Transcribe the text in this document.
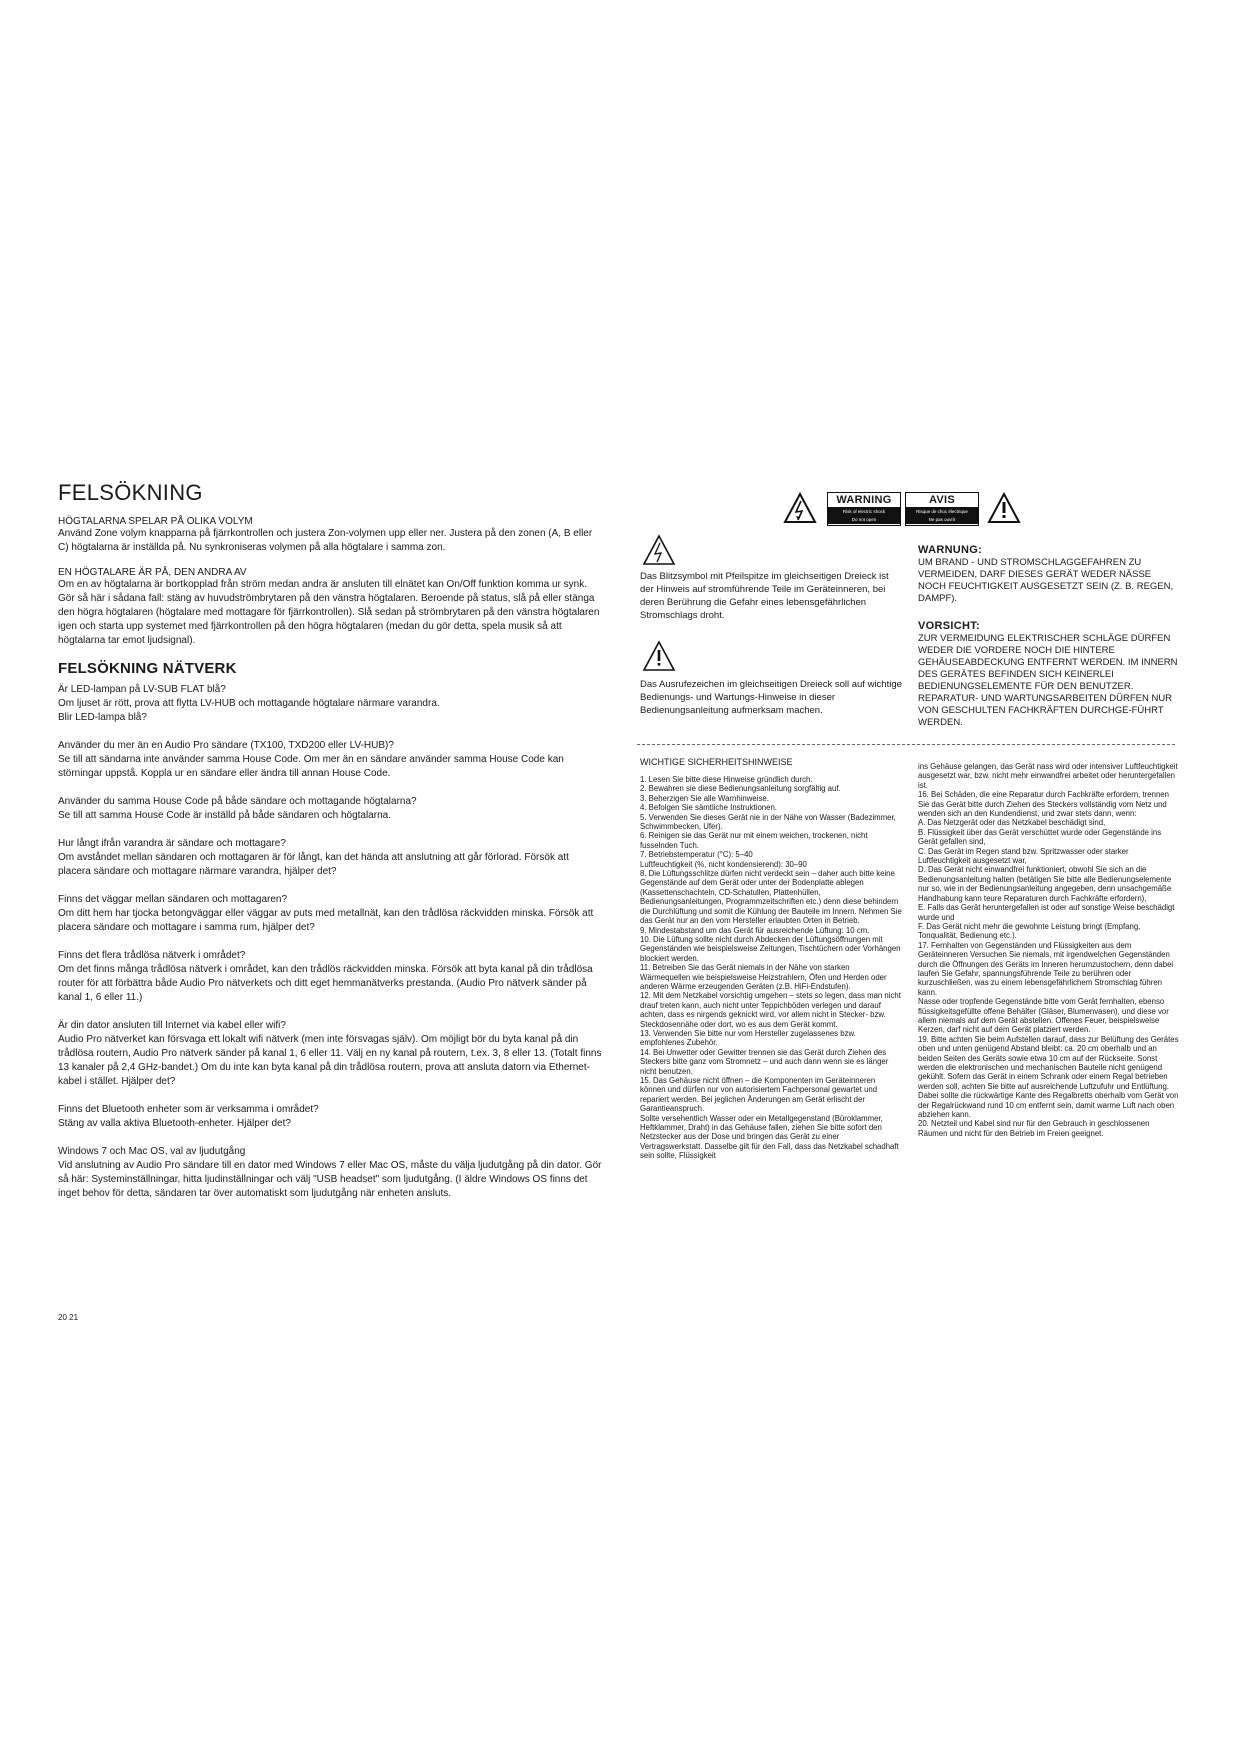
FELSÖKNING

HÖGTALARNA SPELAR PÅ OLIKA VOLYM

Använd Zone volym knapparna på fjärrkontrollen och justera Zon-volymen upp eller ner. Justera på den zonen (A, B eller C) högtalarna är inställda på. Nu synkroniseras volymen på alla högtalare i samma zon.

EN HÖGTALARE ÄR PÅ, DEN ANDRA AV

Om en av högtalarna är bortkopplad från ström medan andra är ansluten till elnätet kan On/Off funktion komma ur synk. Gör så här i sådana fall: stäng av huvudströmbrytaren på den vänstra högtalaren. Beroende på status, slå på eller stänga den högra högtalaren (högtalare med mottagare för fjärrkontrollen). Slå sedan på strömbrytaren på den vänstra högtalaren igen och starta upp systemet med fjärrkontrollen på den högra högtalaren (medan du gör detta, spela musik så att högtalarna tar emot ljudsignal).

FELSÖKNING NÄTVERK

Är LED-lampan på LV-SUB FLAT blå?

Om ljuset är rött, prova att flytta LV-HUB och mottagande högtalare närmare varandra.
Blir LED-lampa blå?

Använder du mer än en Audio Pro sändare (TX100, TXD200 eller LV-HUB)?

Se till att sändarna inte använder samma House Code. Om mer än en sändare använder samma House Code kan störningar uppstå. Koppla ur en sändare eller ändra till annan House Code.

Använder du samma House Code på både sändare och mottagande högtalarna?

Se till att samma House Code är inställd på både sändaren och högtalarna.

Hur långt ifrån varandra är sändare och mottagare?

Om avståndet mellan sändaren och mottagaren är för långt, kan det hända att anslutning att går förlorad. Försök att placera sändare och mottagare närmare varandra, hjälper det?

Finns det väggar mellan sändaren och mottagaren?

Om ditt hem har tjocka betongväggar eller väggar av puts med metallnät, kan den trådlösa räckvidden minska. Försök att placera sändare och mottagare i samma rum, hjälper det?

Finns det flera trådlösa nätverk i området?

Om det finns många trådlösa nätverk i området, kan den trådlös räckvidden minska. Försök att byta kanal på din trådlösa router för att förbättra både Audio Pro nätverkets och ditt eget hemmanätverks prestanda. (Audio Pro nätverk sänder på kanal 1, 6 eller 11.)

Är din dator ansluten till Internet via kabel eller wifi?

Audio Pro nätverket kan försvaga ett lokalt wifi nätverk (men inte försvagas själv). Om möjligt bör du byta kanal på din trådlösa routern, Audio Pro nätverk sänder på kanal 1, 6 eller 11. Välj en ny kanal på routern, t.ex. 3, 8 eller 13. (Totalt finns 13 kanaler på 2,4 GHz-bandet.) Om du inte kan byta kanal på din trådlösa routern, prova att ansluta datorn via Ethernet-kabel i stället. Hjälper det?

Finns det Bluetooth enheter som är verksamma i området?

Stäng av valla aktiva Bluetooth-enheter. Hjälper det?

Windows 7 och Mac OS, val av ljudutgång

Vid anslutning av Audio Pro sändare till en dator med Windows 7 eller Mac OS, måste du välja ljudutgång på din dator. Gör så här: Systeminställningar, hitta ljudinställningar och välj "USB headset" som ljudutgång. (I äldre Windows OS finns det inget behov för detta, sändaren tar över automatiskt som ljudutgång när enheten ansluts.

20 21
WARNING
Risk of electric shock
Do not open
AVIS
Risque de choc électrique
Ne pas ouvrir
Das Blitzsymbol mit Pfeilspitze im gleichseitigen Dreieck ist der Hinweis auf stromführende Teile im Geräteinneren, bei deren Berührung die Gefahr eines lebensgefährlichen Stromschlags droht.
Das Ausrufezeichen im gleichseitigen Dreieck soll auf wichtige Bedienungs- und Wartungs-Hinweise in dieser Bedienungsanleitung aufmerksam machen.
WARNUNG:
UM BRAND - UND STROMSCHLAGGEFAHREN ZU VERMEIDEN, DARF DIESES GERÄT WEDER NÄSSE NOCH FEUCHTIGKEIT AUSGESETZT SEIN (Z. B. REGEN, DAMPF).
VORSICHT:
ZUR VERMEIDUNG ELEKTRISCHER SCHLÄGE DÜRFEN WEDER DIE VORDERE NOCH DIE HINTERE GEHÄUSEABDECKUNG ENTFERNT WERDEN. IM INNERN DES GERÄTES BEFINDEN SICH KEINERLEI BEDIENUNGSELEMENTE FÜR DEN BENUTZER. REPARATUR- UND WARTUNGSARBEITEN DÜRFEN NUR VON GESCHULTEN FACHKRÄFTEN DURCHGE-FÜHRT WERDEN.
WICHTIGE SICHERHEITSHINWEISE

1. Lesen Sie bitte diese Hinweise gründlich durch.

2. Bewahren sie diese Bedienungsanleitung sorgfältig auf.

3. Beherzigen Sie alle Warnhinweise.

4. Befolgen Sie sämtliche Instruktionen.

5. Verwenden Sie dieses Gerät nie in der Nähe von Wasser (Badezimmer, Schwimmbecken, Ufer).

6. Reinigen sie das Gerät nur mit einem weichen, trockenen, nicht fusselnden Tuch.

7. Betriebstemperatur (°C): 5–40

Luftfeuchtigkeit (%, nicht kondensierend): 30–90

8. Die Lüftungsschlitze dürfen nicht verdeckt sein – daher auch bitte keine Gegenstände auf dem Gerät oder unter der Bodenplatte ablegen (Kassettenschachteln, CD-Schatullen, Plattenhüllen, Bedienungsanleitungen, Programmzeitschriften etc.) denn diese behindern die Durchlüftung und somit die Kühlung der Bauteile im Innern. Nehmen Sie das Gerät nur an den vom Hersteller erlaubten Orten in Betrieb.

9. Mindestabstand um das Gerät für ausreichende Lüftung: 10 cm.

10. Die Lüftung sollte nicht durch Abdecken der Lüftungsöffnungen mit Gegenständen wie beispielsweise Zeitungen, Tischtüchern oder Vorhängen blockiert werden.

11. Betreiben Sie das Gerät niemals in der Nähe von starken Wärmequellen wie beispielsweise Heizstrahlern, Öfen und Herden oder anderen Wärme erzeugenden Geräten (z.B. HiFi-Endstufen).

12. Mit dem Netzkabel vorsichtig umgehen – stets so legen, dass man nicht drauf treten kann, auch nicht unter Teppichböden verlegen und darauf achten, dass es nirgends geknickt wird, vor allem nicht in Stecker- bzw. Steckdosennähe oder dort, wo es aus dem Gerät kommt.

13. Verwenden Sie bitte nur vom Hersteller zugelassenes bzw. empfohlenes Zubehör.

14. Bei Unwetter oder Gewitter trennen sie das Gerät durch Ziehen des Steckers bitte ganz vom Stromnetz – und auch dann wenn sie es länger nicht benutzen.

15. Das Gehäuse nicht öffnen – die Komponenten im Geräteinneren können und dürfen nur von autorisiertem Fachpersonal gewartet und repariert werden. Bei jeglichen Änderungen am Gerät erlischt der Garantieanspruch.

Sollte versehentlich Wasser oder ein Metallgegenstand (Büroklammer, Heftklammer, Draht) in das Gehäuse fallen, ziehen Sie bitte sofort den Netzstecker aus der Dose und bringen das Gerät zu einer Vertragswerkstatt. Dasselbe gilt für den Fall, dass das Netzkabel schadhaft sein sollte, Flüssigkeit

ins Gehäuse gelangen, das Gerät nass wird oder intensiver Luftfeuchtigkeit ausgesetzt war, bzw. nicht mehr einwandfrei arbeitet oder heruntergefallen ist.

16. Bei Schäden, die eine Reparatur durch Fachkräfte erfordern, trennen Sie das Gerät bitte durch Ziehen des Steckers vollständig vom Netz und wenden sich an den Kundendienst, und zwar stets dann, wenn:

A. Das Netzgerät oder das Netzkabel beschädigt sind,

B. Flüssigkeit über das Gerät verschüttet wurde oder Gegenstände ins Gerät gefallen sind,

C. Das Gerät im Regen stand bzw. Spritzwasser oder starker Luftfeuchtigkeit ausgesetzt war,

D. Das Gerät nicht einwandfrei funktioniert, obwohl Sie sich an die Bedienungsanleitung halten (betätigen Sie bitte alle Bedienungselemente nur so, wie in der Bedienungsanleitung angegeben, denn unsachgemäße Handhabung kann teure Reparaturen durch Fachkräfte erfordern),

E. Falls das Gerät heruntergefallen ist oder auf sonstige Weise beschädigt wurde und

F. Das Gerät nicht mehr die gewohnte Leistung bringt (Empfang, Tonqualität, Bedienung etc.).

17. Fernhalten von Gegenständen und Flüssigkeiten aus dem Geräteinneren Versuchen Sie niemals, mit irgendwelchen Gegenständen durch die Öffnungen des Geräts im Inneren herumzustochern, denn dabei laufen Sie Gefahr, spannungsführende Teile zu berühren oder kurzuschließen, was zu einem lebensgefährlichem Stromschlag führen kann.

Nasse oder tropfende Gegenstände bitte vom Gerät fernhalten, ebenso flüssigkeitsgefüllte offene Behälter (Gläser, Blumenvasen), und diese vor allem niemals auf dem Gerät abstellen. Offenes Feuer, beispielsweise Kerzen, darf nicht auf dem Gerät platziert werden.

19. Bitte achten Sie beim Aufstellen darauf, dass zur Belüftung des Gerätes oben und unten genügend Abstand bleibt: ca. 20 cm oberhalb und an beiden Seiten des Geräts sowie etwa 10 cm auf der Rückseite. Sonst werden die elektronischen und mechanischen Bauteile nicht genügend gekühlt. Sofern das Gerät in einem Schrank oder einem Regal betrieben werden soll, achten Sie bitte auf ausreichende Luftzufuhr und Entlüftung. Dabei sollte die rückwärtige Kante des Regalbretts oberhalb vom Gerät von der Regalrückwand rund 10 cm entfernt sein, damit warme Luft nach oben abziehen kann.

20. Netzteil und Kabel sind nur für den Gebrauch in geschlossenen Räumen und nicht für den Betrieb im Freien geeignet.
